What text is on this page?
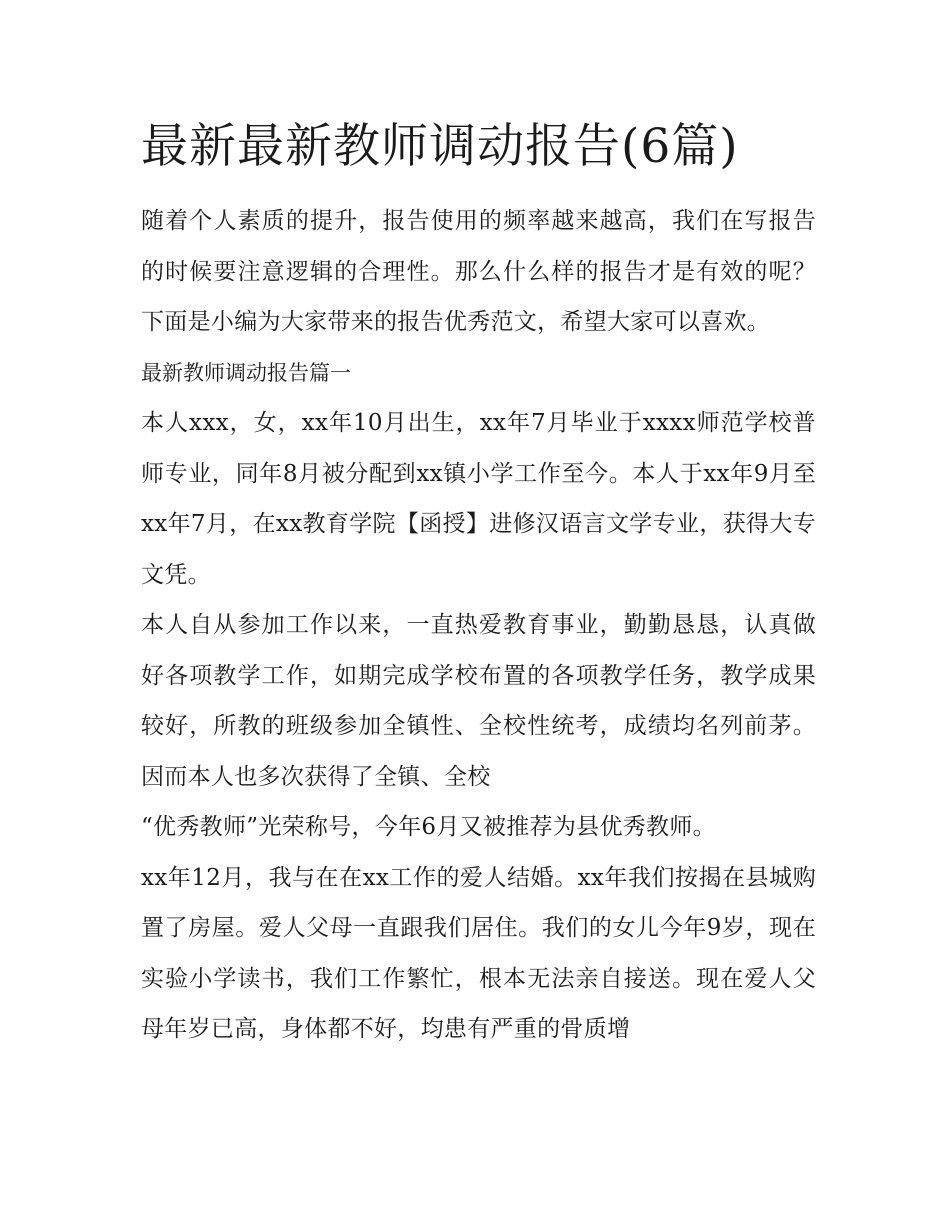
最新最新教师调动报告(6篇)

随着个人素质的提升，报告使用的频率越来越高，我们在写报告的时候要注意逻辑的合理性。那么什么样的报告才是有效的呢？下面是小编为大家带来的报告优秀范文，希望大家可以喜欢。

最新教师调动报告篇一

本人xxx，女，xx年10月出生，xx年7月毕业于xxxx师范学校普师专业，同年8月被分配到xx镇小学工作至今。本人于xx年9月至xx年7月，在xx教育学院【函授】进修汉语言文学专业，获得大专文凭。

本人自从参加工作以来，一直热爱教育事业，勤勤恳恳，认真做好各项教学工作，如期完成学校布置的各项教学任务，教学成果较好，所教的班级参加全镇性、全校性统考，成绩均名列前茅。因而本人也多次获得了全镇、全校

“优秀教师”光荣称号，今年6月又被推荐为县优秀教师。

xx年12月，我与在在xx工作的爱人结婚。xx年我们按揭在县城购置了房屋。爱人父母一直跟我们居住。我们的女儿今年9岁，现在实验小学读书，我们工作繁忙，根本无法亲自接送。现在爱人父母年岁已高，身体都不好，均患有严重的骨质增
